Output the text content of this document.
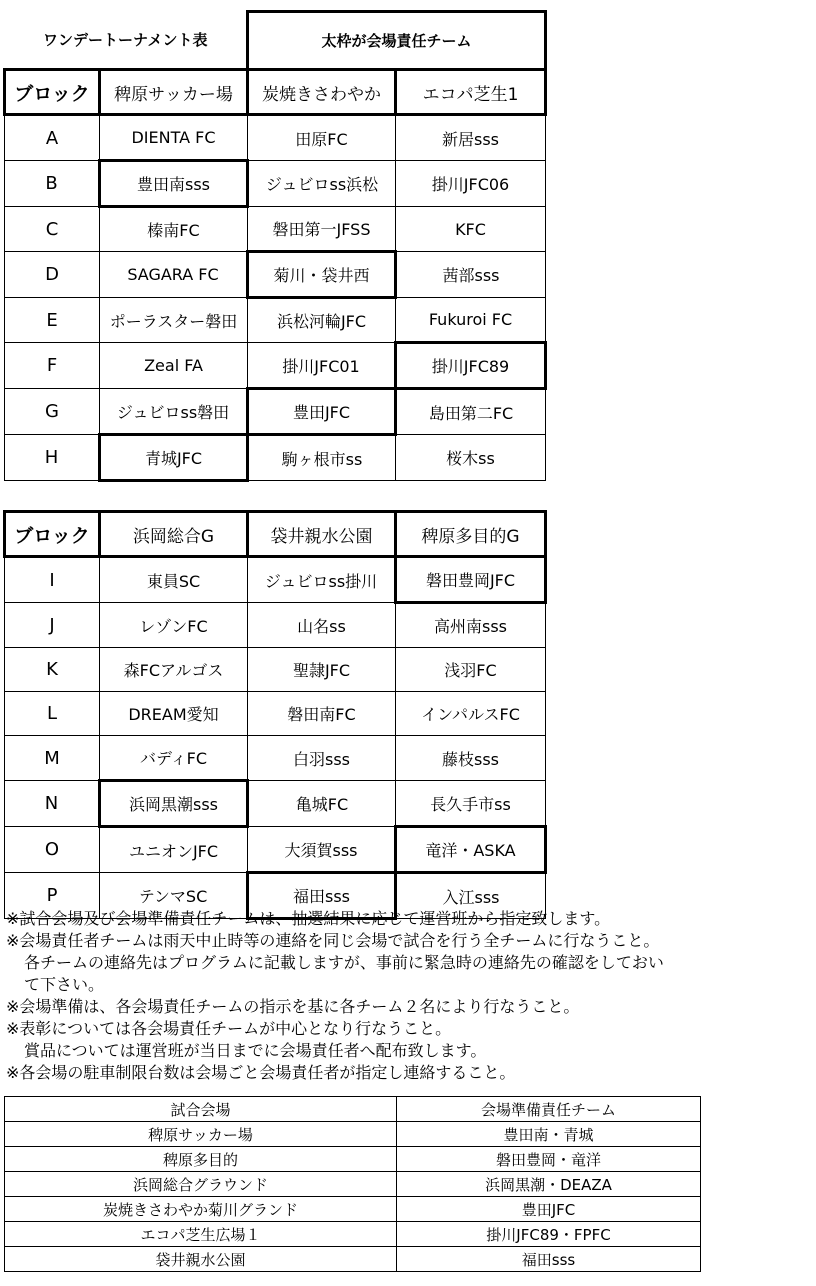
ワンデートーナメント表		太枠が会場責任チーム	
ブロック	稗原サッカー場	炭焼きさわやか	エコパ芝生1
A	DIENTA FC	田原FC	新居sss
B	豊田南sss	ジュビロss浜松	掛川JFC06
C	榛南FC	磐田第一JFSS	KFC
D	SAGARA FC	菊川・袋井西	茜部sss
E	ポーラスター磐田	浜松河輪JFC	Fukuroi FC
F	Zeal FA	掛川JFC01	掛川JFC89
G	ジュビロss磐田	豊田JFC	島田第二FC
H	青城JFC	駒ヶ根市ss	桜木ss
ブロック	浜岡総合G	袋井親水公園	稗原多目的G
I	東員SC	ジュビロss掛川	磐田豊岡JFC
J	レゾンFC	山名ss	高州南sss
K	森FCアルゴス	聖隷JFC	浅羽FC
L	DREAM愛知	磐田南FC	インパルスFC
M	バディFC	白羽sss	藤枝sss
N	浜岡黒潮sss	亀城FC	長久手市ss
O	ユニオンJFC	大須賀sss	竜洋・ASKA
P	テンマSC	福田sss	入江sss
※試合会場及び会場準備責任チームは、抽選結果に応じて運営班から指定致します。
※会場責任者チームは雨天中止時等の連絡を同じ会場で試合を行う全チームに行なうこと。
各チームの連絡先はプログラムに記載しますが、事前に緊急時の連絡先の確認をしておい
て下さい。
※会場準備は、各会場責任チームの指示を基に各チーム２名により行なうこと。
※表彰については各会場責任チームが中心となり行なうこと。
賞品については運営班が当日までに会場責任者へ配布致します。
※各会場の駐車制限台数は会場ごと会場責任者が指定し連絡すること。
試合会場	会場準備責任チーム
稗原サッカー場	豊田南・青城
稗原多目的	磐田豊岡・竜洋
浜岡総合グラウンド	浜岡黒潮・DEAZA
炭焼きさわやか菊川グランド	豊田JFC
エコパ芝生広場１	掛川JFC89・FPFC
袋井親水公園	福田sss
